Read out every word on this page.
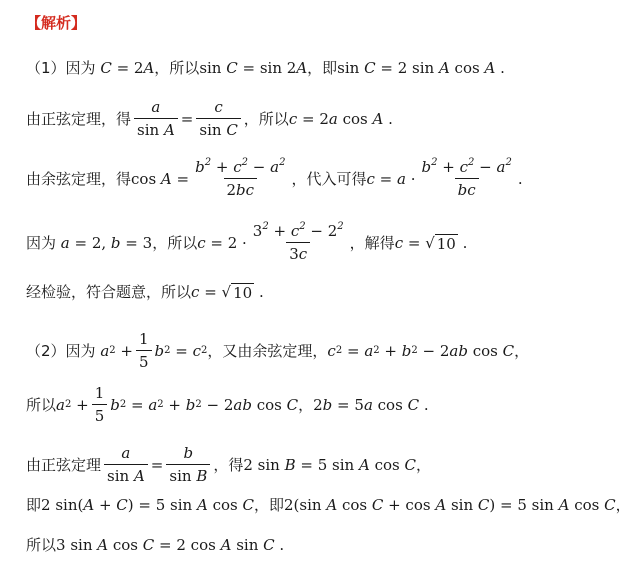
【解析】
（1）因为 C = 2 A ，所以 sin C = sin 2 A ，即 sin C = 2 sin A cos A .
由正弦定理，得 $\frac{a}{\text{sin A}} = \frac{c}{\text{sin C}}$ ，所以 c = 2 a cos A .
由余弦定理，得 $\cos A = \frac{b^2 + c^2 - a^2}{2bc}$ ，代入可得 $c = a \cdot \frac{b^2 + c^2 - a^2}{bc}$ .
因为 a = 2, b = 3 ，所以 $c = 2 \cdot \frac{3^2 + c^2 - 2^2}{3c}$ ，解得 c = √ 10 .
经检验，符合题意，所以 c = √ 10 .
（2）因为 a $2 + \frac{1}{5}$ b 2 = c 2 ，又由余弦定理， c 2 = a 2 + b 2 − 2 ab cos C ，
所以 a $2 + \frac{1}{5}$ b 2 = a 2 + b 2 − 2 ab cos C ， 2 b = 5 a cos C .
由正弦定理 $\frac{a}{\text{sin A}} = \frac{b}{\text{sin B}}$ ，得 2 sin B = 5 sin A cos C ，
即 2 sin( A + C ) = 5 sin A cos C ，即 2(sin A cos C + cos A sin C ) = 5 sin A cos C ，
所以 3 sin A cos C = 2 cos A sin C .
